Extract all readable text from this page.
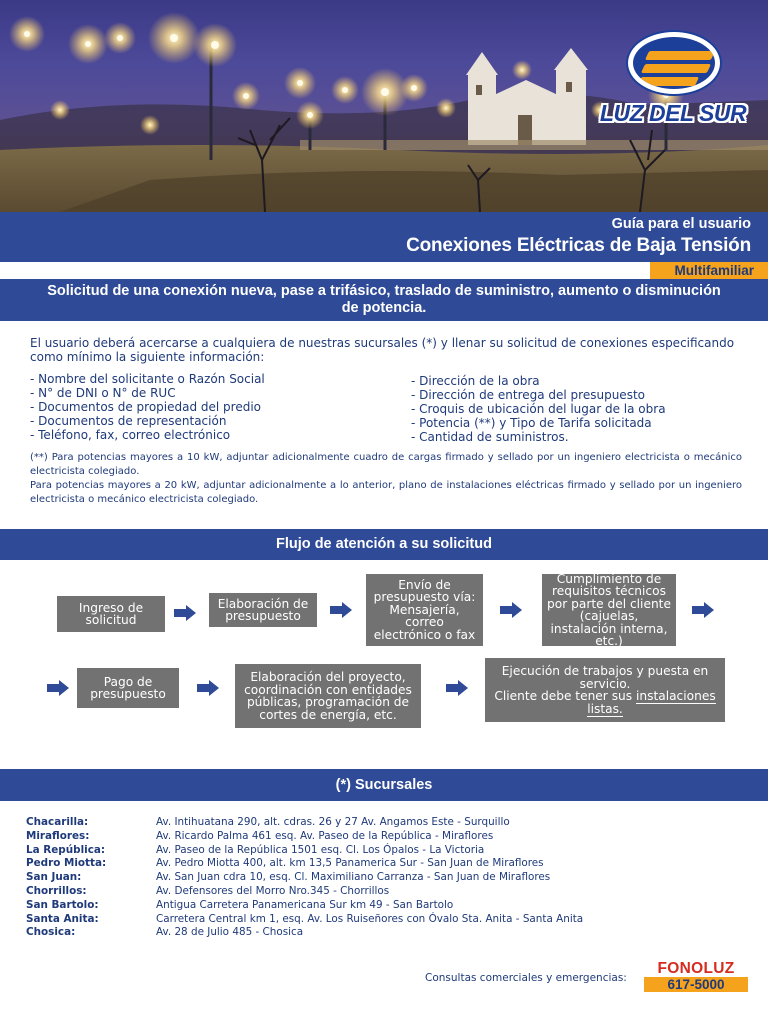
LUZ DEL SUR
Guía para el usuario
Conexiones Eléctricas de Baja Tensión
Multifamiliar
Solicitud de una conexión nueva, pase a trifásico, traslado de suministro, aumento o disminución de potencia.

El usuario deberá acercarse a cualquiera de nuestras sucursales (*) y llenar su solicitud de conexiones especificando como mínimo la siguiente información:

- Nombre del solicitante o Razón Social
- N° de DNI o N° de RUC
- Documentos de propiedad del predio
- Documentos de representación
- Teléfono, fax, correo electrónico
- Dirección de la obra
- Dirección de entrega del presupuesto
- Croquis de ubicación del lugar de la obra
- Potencia (**) y Tipo de Tarifa solicitada
- Cantidad de suministros.

(**) Para potencias mayores a 10 kW, adjuntar adicionalmente cuadro de cargas firmado y sellado por un ingeniero electricista o mecánico electricista colegiado.

Para potencias mayores a 20 kW, adjuntar adicionalmente a lo anterior, plano de instalaciones eléctricas firmado y sellado por un ingeniero electricista o mecánico electricista colegiado.

Flujo de atención a su solicitud
Ingreso de solicitud
Elaboración de presupuesto
Envío de presupuesto vía: Mensajería, correo electrónico o fax
Cumplimiento de requisitos técnicos por parte del cliente (cajuelas, instalación interna, etc.)
Pago de presupuesto
Elaboración del proyecto, coordinación con entidades públicas, programación de cortes de energía, etc.
Ejecución de trabajos y puesta en servicio.
Cliente debe tener sus instalaciones listas.
(*) Sucursales
Chacarilla:	Av. Intihuatana 290, alt. cdras. 26 y 27 Av. Angamos Este - Surquillo
Miraflores:	Av. Ricardo Palma 461 esq. Av. Paseo de la República - Miraflores
La República:	Av. Paseo de la República 1501 esq. Cl. Los Ópalos - La Victoria
Pedro Miotta:	Av. Pedro Miotta 400, alt. km 13,5 Panamerica Sur - San Juan de Miraflores
San Juan:	Av. San Juan cdra 10, esq. Cl. Maximiliano Carranza - San Juan de Miraflores
Chorrillos:	Av. Defensores del Morro Nro.345 - Chorrillos
San Bartolo:	Antigua Carretera Panamericana Sur km 49 - San Bartolo
Santa Anita:	Carretera Central km 1, esq. Av. Los Ruiseñores con Óvalo Sta. Anita - Santa Anita
Chosica:	Av. 28 de Julio 485 - Chosica
Consultas comerciales y emergencias:
FONOLUZ
617-5000
